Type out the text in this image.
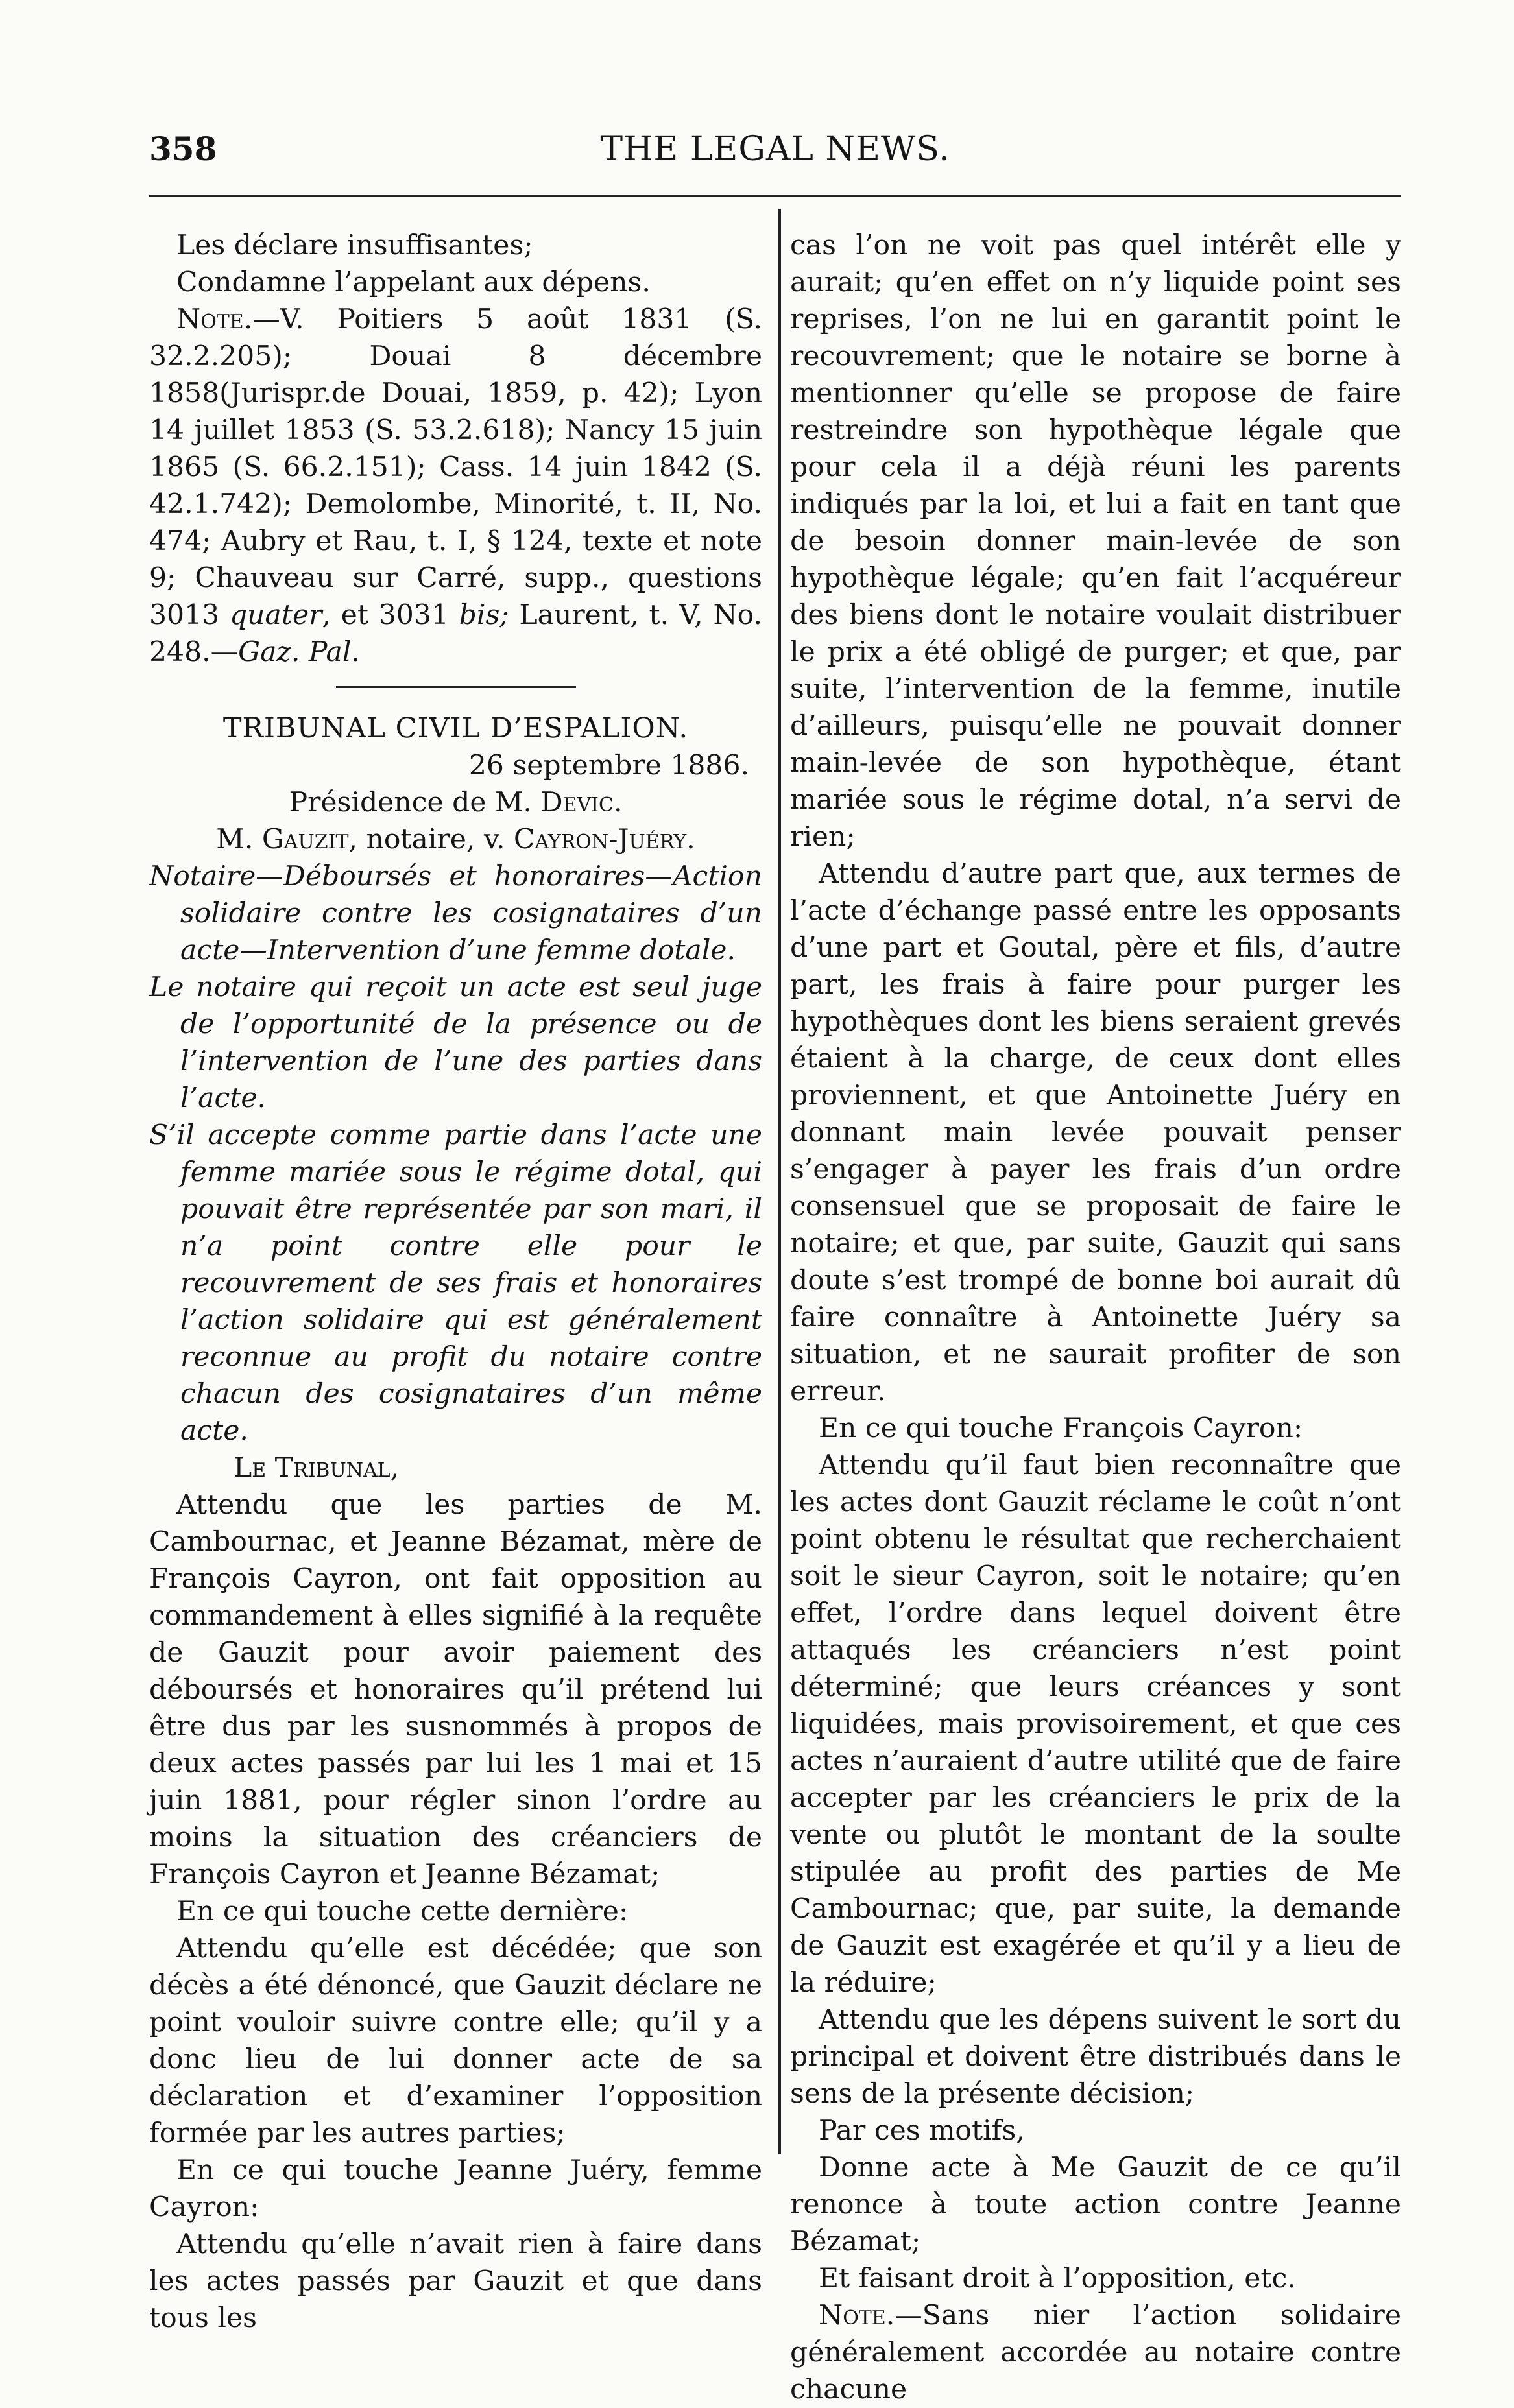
358	THE LEGAL NEWS.

Les déclare insuffisantes;

Condamne l’appelant aux dépens.

Note.—V. Poitiers 5 août 1831 (S. 32.2.205); Douai 8 décembre 1858(Jurispr.de Douai, 1859, p. 42); Lyon 14 juillet 1853 (S. 53.2.618); Nancy 15 juin 1865 (S. 66.2.151); Cass. 14 juin 1842 (S. 42.1.742); Demolombe, Minorité, t. II, No. 474; Aubry et Rau, t. I, § 124, texte et note 9; Chauveau sur Carré, supp., questions 3013 quater, et 3031 bis; Laurent, t. V, No. 248.—Gaz. Pal.

TRIBUNAL CIVIL D’ESPALION.

26 septembre 1886.

Présidence de M. Devic.

M. Gauzit, notaire, v. Cayron-Juéry.

Notaire—Déboursés et honoraires—Action solidaire contre les cosignataires d’un acte—Intervention d’une femme dotale.

Le notaire qui reçoit un acte est seul juge de l’opportunité de la présence ou de l’intervention de l’une des parties dans l’acte.

S’il accepte comme partie dans l’acte une femme mariée sous le régime dotal, qui pouvait être représentée par son mari, il n’a point contre elle pour le recouvrement de ses frais et honoraires l’action solidaire qui est généralement reconnue au profit du notaire contre chacun des cosignataires d’un même acte.

Le Tribunal,

Attendu que les parties de M. Cambournac, et Jeanne Bézamat, mère de François Cayron, ont fait opposition au commandement à elles signifié à la requête de Gauzit pour avoir paiement des déboursés et honoraires qu’il prétend lui être dus par les susnommés à propos de deux actes passés par lui les 1 mai et 15 juin 1881, pour régler sinon l’ordre au moins la situation des créanciers de François Cayron et Jeanne Bézamat;

En ce qui touche cette dernière:

Attendu qu’elle est décédée; que son décès a été dénoncé, que Gauzit déclare ne point vouloir suivre contre elle; qu’il y a donc lieu de lui donner acte de sa déclaration et d’examiner l’opposition formée par les autres parties;

En ce qui touche Jeanne Juéry, femme Cayron:

Attendu qu’elle n’avait rien à faire dans les actes passés par Gauzit et que dans tous les

cas l’on ne voit pas quel intérêt elle y aurait; qu’en effet on n’y liquide point ses reprises, l’on ne lui en garantit point le recouvrement; que le notaire se borne à mentionner qu’elle se propose de faire restreindre son hypothèque légale que pour cela il a déjà réuni les parents indiqués par la loi, et lui a fait en tant que de besoin donner main-levée de son hypothèque légale; qu’en fait l’acquéreur des biens dont le notaire voulait distribuer le prix a été obligé de purger; et que, par suite, l’intervention de la femme, inutile d’ailleurs, puisqu’elle ne pouvait donner main-levée de son hypothèque, étant mariée sous le régime dotal, n’a servi de rien;

Attendu d’autre part que, aux termes de l’acte d’échange passé entre les opposants d’une part et Goutal, père et fils, d’autre part, les frais à faire pour purger les hypothèques dont les biens seraient grevés étaient à la charge, de ceux dont elles proviennent, et que Antoinette Juéry en donnant main levée pouvait penser s’engager à payer les frais d’un ordre consensuel que se proposait de faire le notaire; et que, par suite, Gauzit qui sans doute s’est trompé de bonne boi aurait dû faire connaître à Antoinette Juéry sa situation, et ne saurait profiter de son erreur.

En ce qui touche François Cayron:

Attendu qu’il faut bien reconnaître que les actes dont Gauzit réclame le coût n’ont point obtenu le résultat que recherchaient soit le sieur Cayron, soit le notaire; qu’en effet, l’ordre dans lequel doivent être attaqués les créanciers n’est point déterminé; que leurs créances y sont liquidées, mais provisoirement, et que ces actes n’auraient d’autre utilité que de faire accepter par les créanciers le prix de la vente ou plutôt le montant de la soulte stipulée au profit des parties de Me Cambournac; que, par suite, la demande de Gauzit est exagérée et qu’il y a lieu de la réduire;

Attendu que les dépens suivent le sort du principal et doivent être distribués dans le sens de la présente décision;

Par ces motifs,

Donne acte à Me Gauzit de ce qu’il renonce à toute action contre Jeanne Bézamat;

Et faisant droit à l’opposition, etc.

Note.—Sans nier l’action solidaire généralement accordée au notaire contre chacune
